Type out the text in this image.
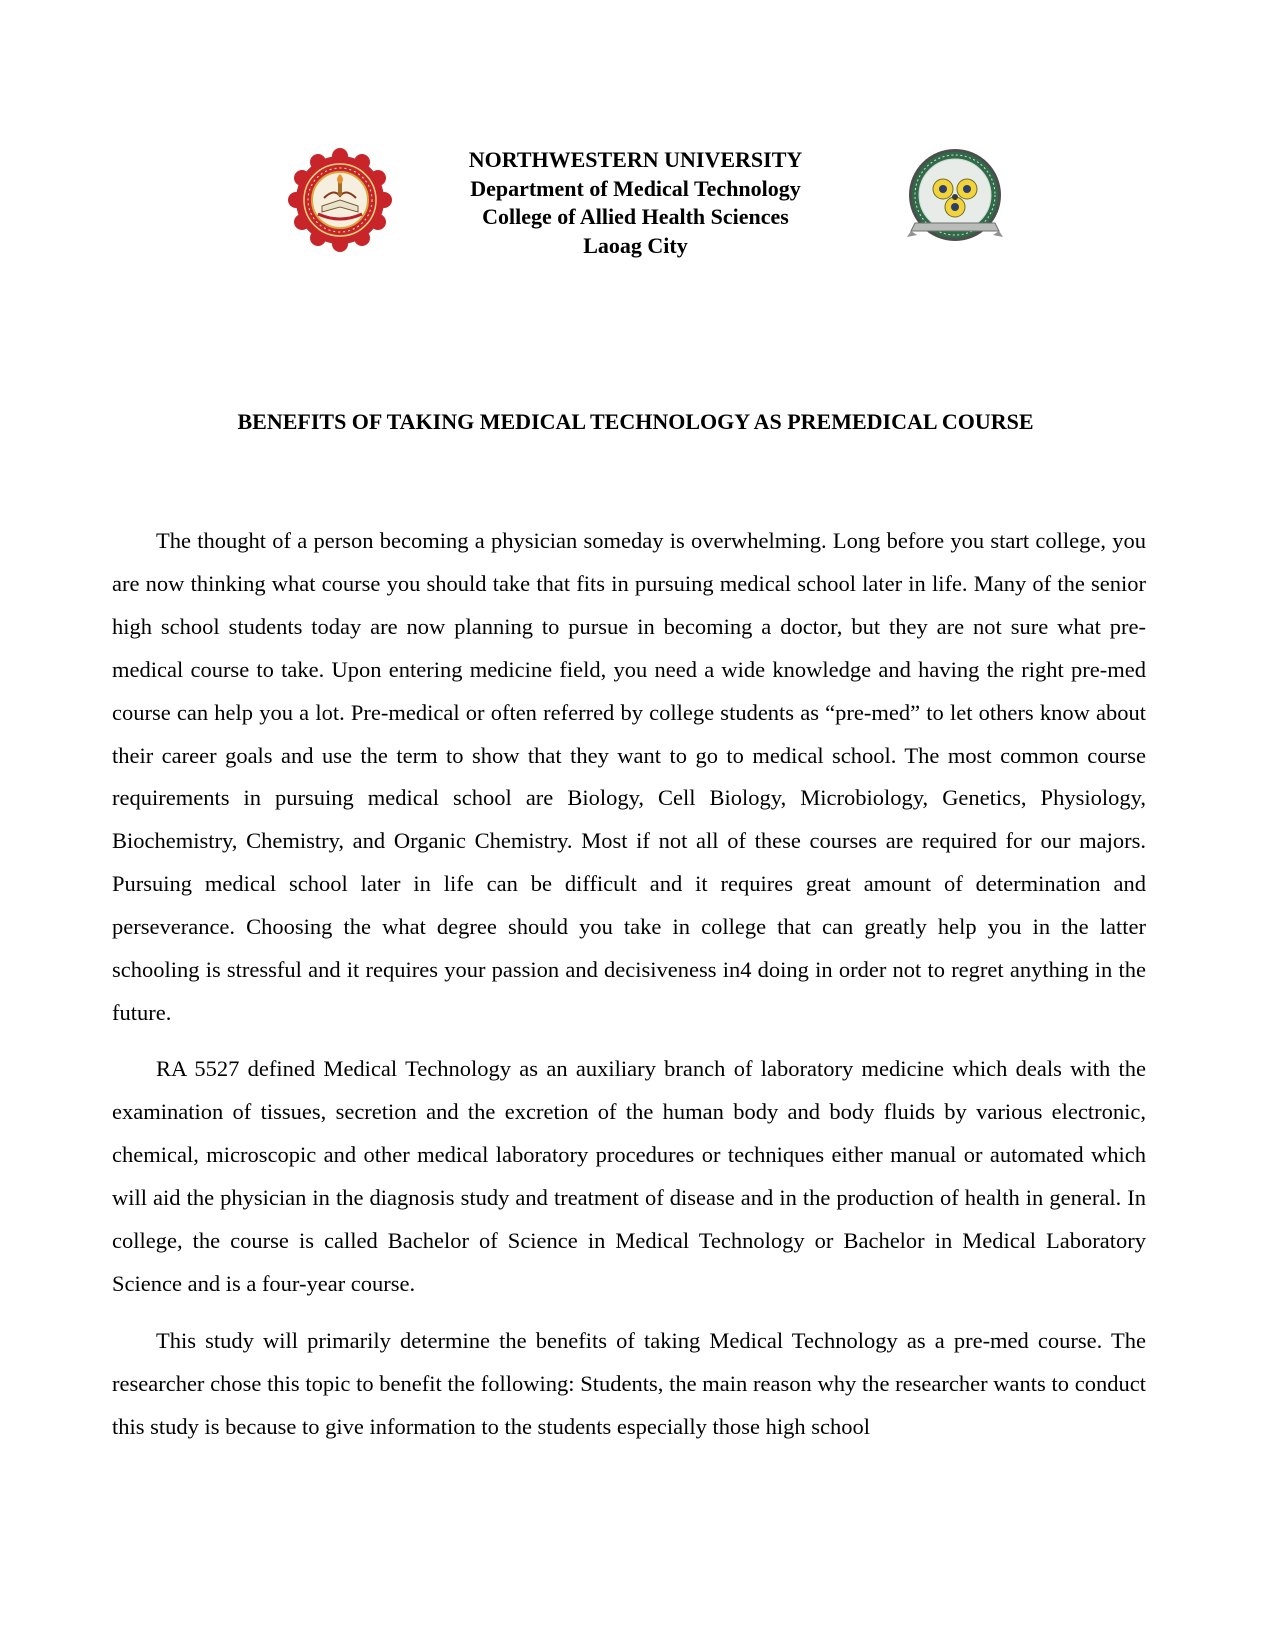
NORTHWESTERN UNIVERSITY
Department of Medical Technology
College of Allied Health Sciences
Laoag City
BENEFITS OF TAKING MEDICAL TECHNOLOGY AS PREMEDICAL COURSE

The thought of a person becoming a physician someday is overwhelming. Long before you start college, you are now thinking what course you should take that fits in pursuing medical school later in life. Many of the senior high school students today are now planning to pursue in becoming a doctor, but they are not sure what pre-medical course to take. Upon entering medicine field, you need a wide knowledge and having the right pre-med course can help you a lot. Pre-medical or often referred by college students as “pre-med” to let others know about their career goals and use the term to show that they want to go to medical school. The most common course requirements in pursuing medical school are Biology, Cell Biology, Microbiology, Genetics, Physiology, Biochemistry, Chemistry, and Organic Chemistry. Most if not all of these courses are required for our majors. Pursuing medical school later in life can be difficult and it requires great amount of determination and perseverance. Choosing the what degree should you take in college that can greatly help you in the latter schooling is stressful and it requires your passion and decisiveness in4 doing in order not to regret anything in the future.

RA 5527 defined Medical Technology as an auxiliary branch of laboratory medicine which deals with the examination of tissues, secretion and the excretion of the human body and body fluids by various electronic, chemical, microscopic and other medical laboratory procedures or techniques either manual or automated which will aid the physician in the diagnosis study and treatment of disease and in the production of health in general. In college, the course is called Bachelor of Science in Medical Technology or Bachelor in Medical Laboratory Science and is a four-year course.

This study will primarily determine the benefits of taking Medical Technology as a pre-med course. The researcher chose this topic to benefit the following: Students, the main reason why the researcher wants to conduct this study is because to give information to the students especially those high school
